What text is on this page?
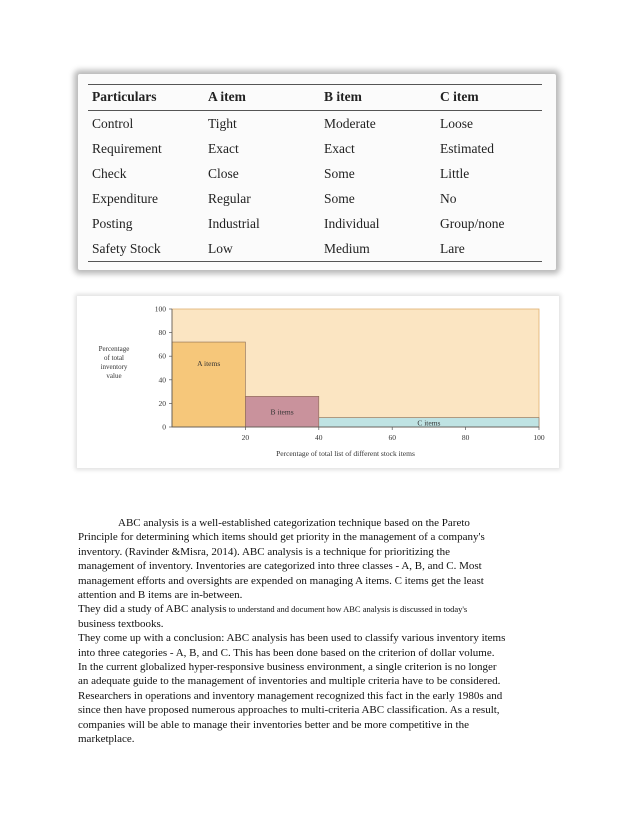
Particulars	A item	B item	C item
Control	Tight	Moderate	Loose
Requirement	Exact	Exact	Estimated
Check	Close	Some	Little
Expenditure	Regular	Some	No
Posting	Industrial	Individual	Group/none
Safety Stock	Low	Medium	Lare
A items
B items
C items
0
20
40
60
80
100
20	40	60	80	100
Percentage of total inventory value
Percentage of total list of different stock items

ABC analysis is a well-established categorization technique based on the Pareto

Principle for determining which items should get priority in the management of a company's

inventory. (Ravinder &Misra, 2014). ABC analysis is a technique for prioritizing the

management of inventory. Inventories are categorized into three classes - A, B, and C. Most

management efforts and oversights are expended on managing A items. C items get the least

attention and B items are in-between.

They did a study of ABC analysis to understand and document how ABC analysis is discussed in today's

business textbooks.

They come up with a conclusion: ABC analysis has been used to classify various inventory items

into three categories - A, B, and C. This has been done based on the criterion of dollar volume.

In the current globalized hyper-responsive business environment, a single criterion is no longer

an adequate guide to the management of inventories and multiple criteria have to be considered.

Researchers in operations and inventory management recognized this fact in the early 1980s and

since then have proposed numerous approaches to multi-criteria ABC classification. As a result,

companies will be able to manage their inventories better and be more competitive in the

marketplace.
